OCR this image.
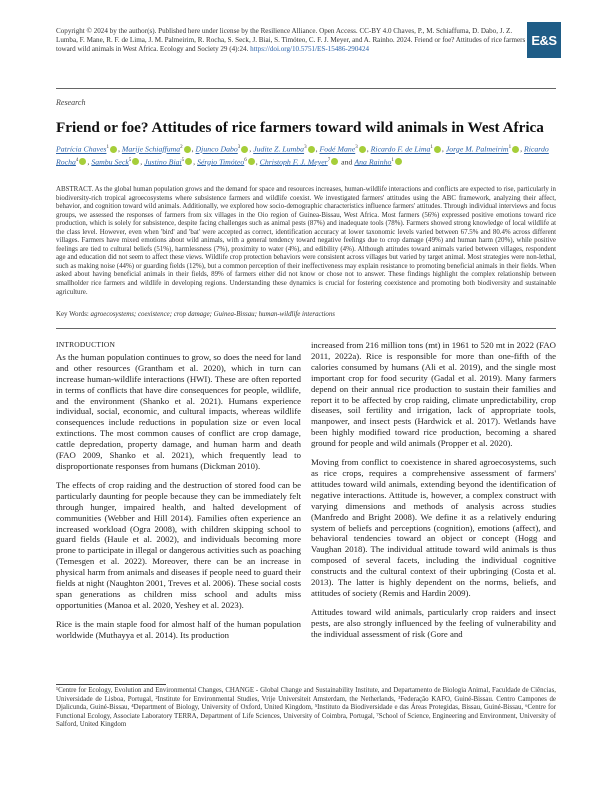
Copyright © 2024 by the author(s). Published here under license by the Resilience Alliance. Open Access. CC-BY 4.0 Chaves, P., M. Schiaffuma, D. Dabo, J. Z. Lumba, F. Mane, R. F. de Lima, J. M. Palmeirim, R. Rocha, S. Seck, J. Biai, S. Timóteo, C. F. J. Meyer, and A. Rainho. 2024. Friend or foe? Attitudes of rice farmers toward wild animals in West Africa. Ecology and Society 29 (4):24. https://doi.org/10.5751/ES-15486-290424
E&S
Research
Friend or foe? Attitudes of rice farmers toward wild animals in West Africa
Patrícia Chaves$^1$ , Marije Schiaffuma$^2$ , Djunco Dabo$^3$ , Judite Z. Lumba$^3$ , Fodé Mane$^3$ , Ricardo F. de Lima$^1$ , Jorge M. Palmeirim$^1$ , Ricardo Rocha$^4$ , Sambu Seck$^5$ , Justino Biai$^5$ , Sérgio Timóteo$^6$ , Christoph F. J. Meyer$^7$ and Ana Rainho$^1$
ABSTRACT. As the global human population grows and the demand for space and resources increases, human-wildlife interactions and conflicts are expected to rise, particularly in biodiversity-rich tropical agroecosystems where subsistence farmers and wildlife coexist. We investigated farmers' attitudes using the ABC framework, analyzing their affect, behavior, and cognition toward wild animals. Additionally, we explored how socio-demographic characteristics influence farmers' attitudes. Through individual interviews and focus groups, we assessed the responses of farmers from six villages in the Oio region of Guinea-Bissau, West Africa. Most farmers (56%) expressed positive emotions toward rice production, which is solely for subsistence, despite facing challenges such as animal pests (87%) and inadequate tools (78%). Farmers showed strong knowledge of local wildlife at the class level. However, even when 'bird' and 'bat' were accepted as correct, identification accuracy at lower taxonomic levels varied between 67.5% and 80.4% across different villages. Farmers have mixed emotions about wild animals, with a general tendency toward negative feelings due to crop damage (49%) and human harm (20%), while positive feelings are tied to cultural beliefs (51%), harmlessness (7%), proximity to water (4%), and edibility (4%). Although attitudes toward animals varied between villages, respondent age and education did not seem to affect these views. Wildlife crop protection behaviors were consistent across villages but varied by target animal. Most strategies were non-lethal, such as making noise (44%) or guarding fields (12%), but a common perception of their ineffectiveness may explain resistance to promoting beneficial animals in their fields. When asked about having beneficial animals in their fields, 89% of farmers either did not know or chose not to answer. These findings highlight the complex relationship between smallholder rice farmers and wildlife in developing regions. Understanding these dynamics is crucial for fostering coexistence and promoting both biodiversity and sustainable agriculture.
Key Words: agroecosystems; coexistence; crop damage; Guinea-Bissau; human-wildlife interactions
INTRODUCTION

As the human population continues to grow, so does the need for land and other resources (Grantham et al. 2020), which in turn can increase human-wildlife interactions (HWI). These are often reported in terms of conflicts that have dire consequences for people, wildlife, and the environment (Shanko et al. 2021). Humans experience individual, social, economic, and cultural impacts, whereas wildlife consequences include reductions in population size or even local extinctions. The most common causes of conflict are crop damage, cattle depredation, property damage, and human harm and death (FAO 2009, Shanko et al. 2021), which frequently lead to disproportionate responses from humans (Dickman 2010).

The effects of crop raiding and the destruction of stored food can be particularly daunting for people because they can be immediately felt through hunger, impaired health, and halted development of communities (Webber and Hill 2014). Families often experience an increased workload (Ogra 2008), with children skipping school to guard fields (Haule et al. 2002), and individuals becoming more prone to participate in illegal or dangerous activities such as poaching (Temesgen et al. 2022). Moreover, there can be an increase in physical harm from animals and diseases if people need to guard their fields at night (Naughton 2001, Treves et al. 2006). These social costs span generations as children miss school and adults miss opportunities (Manoa et al. 2020, Yeshey et al. 2023).

Rice is the main staple food for almost half of the human population worldwide (Muthayya et al. 2014). Its production

increased from 216 million tons (mt) in 1961 to 520 mt in 2022 (FAO 2011, 2022a). Rice is responsible for more than one-fifth of the calories consumed by humans (Ali et al. 2019), and the single most important crop for food security (Gadal et al. 2019). Many farmers depend on their annual rice production to sustain their families and report it to be affected by crop raiding, climate unpredictability, crop diseases, soil fertility and irrigation, lack of appropriate tools, manpower, and insect pests (Hardwick et al. 2017). Wetlands have been highly modified toward rice production, becoming a shared ground for people and wild animals (Propper et al. 2020).

Moving from conflict to coexistence in shared agroecosystems, such as rice crops, requires a comprehensive assessment of farmers' attitudes toward wild animals, extending beyond the identification of negative interactions. Attitude is, however, a complex construct with varying dimensions and methods of analysis across studies (Manfredo and Bright 2008). We define it as a relatively enduring system of beliefs and perceptions (cognition), emotions (affect), and behavioral tendencies toward an object or concept (Hogg and Vaughan 2018). The individual attitude toward wild animals is thus composed of several facets, including the individual cognitive constructs and the cultural context of their upbringing (Costa et al. 2013). The latter is highly dependent on the norms, beliefs, and attitudes of society (Remis and Hardin 2009).

Attitudes toward wild animals, particularly crop raiders and insect pests, are also strongly influenced by the feeling of vulnerability and the individual assessment of risk (Gore and

¹Centre for Ecology, Evolution and Environmental Changes, CHANGE - Global Change and Sustainability Institute, and Departamento de Biologia Animal, Faculdade de Ciências, Universidade de Lisboa, Portugal, ²Institute for Environmental Studies, Vrije Universiteit Amsterdam, the Netherlands, ³Federação KAFO, Guiné-Bissau. Centro Campones de Djalicunda, Guiné-Bissau, ⁴Department of Biology, University of Oxford, United Kingdom, ⁵Instituto da Biodiversidade e das Áreas Protegidas, Bissau, Guiné-Bissau, ⁶Centre for Functional Ecology, Associate Laboratory TERRA, Department of Life Sciences, University of Coimbra, Portugal, ⁷School of Science, Engineering and Environment, University of Salford, United Kingdom
